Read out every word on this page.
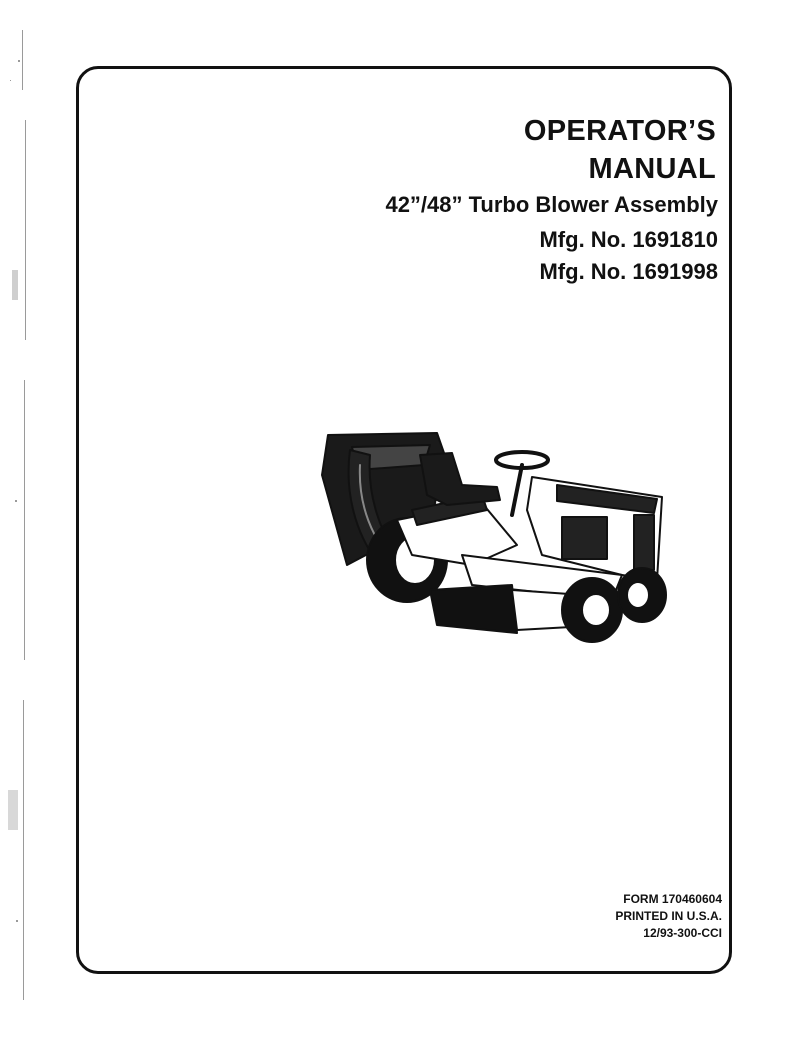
OPERATOR’S
MANUAL
42”/48” Turbo Blower Assembly
Mfg. No. 1691810
Mfg. No. 1691998
FORM 170460604
PRINTED IN U.S.A.
12/93-300-CCI
